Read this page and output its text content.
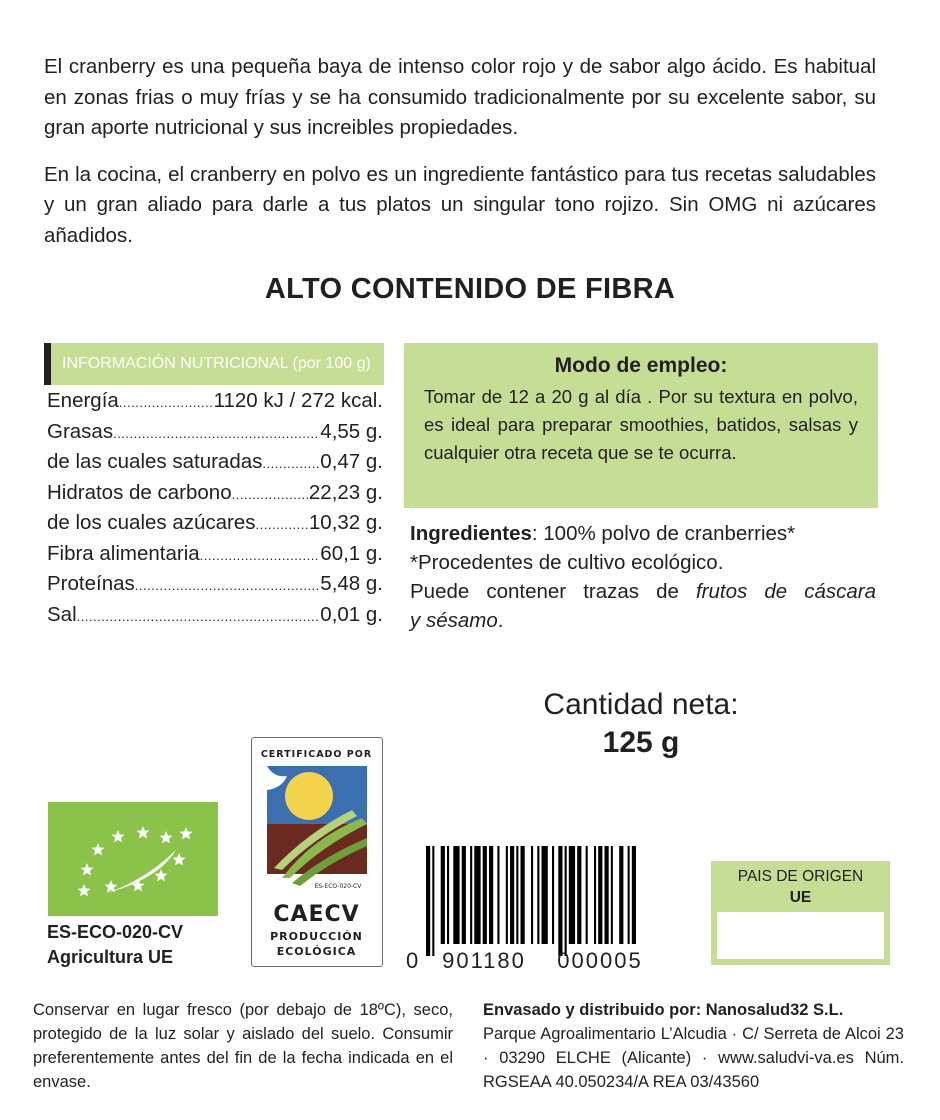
El cranberry es una pequeña baya de intenso color rojo y de sabor algo ácido. Es habitual en zonas frias o muy frías y se ha consumido tradicionalmente por su excelente sabor, su gran aporte nutricional y sus increibles propiedades.

En la cocina, el cranberry en polvo es un ingrediente fantástico para tus recetas saludables y un gran aliado para darle a tus platos un singular tono rojizo. Sin OMG ni azúcares añadidos.

ALTO CONTENIDO DE FIBRA
INFORMACIÓN NUTRICIONAL (por 100 g)
Energía .....	1120 kJ / 272 kcal.
Grasas .....	4,55 g.
de las cuales saturadas .....	0,47 g.
Hidratos de carbono .....	22,23 g.
de los cuales azúcares .....	10,32 g.
Fibra alimentaria .....	60,1 g.
Proteínas .....	5,48 g.
Sal .....	0,01 g.
Modo de empleo:
Tomar de 12 a 20 g al día . Por su textura en polvo, es ideal para preparar smoothies, batidos, salsas y cualquier otra receta que se te ocurra.

Ingredientes: 100% polvo de cranberries*

*Procedentes de cultivo ecológico.

Puede contener trazas de frutos de cáscara

y sésamo.

Cantidad neta:
125 g
ES-ECO-020-CV
Agricultura UE
CERTIFICADO POR
ES-ECO-020-CV
CAECV
PRODUCCIÓN
ECOLÓGICA 0 901180 000005
PAIS DE ORIGEN
UE
Conservar en lugar fresco (por debajo de 18ºC), seco, protegido de la luz solar y aislado del suelo. Consumir preferentemente antes del fin de la fecha indicada en el envase.
Envasado y distribuido por: Nanosalud32 S.L.
Parque Agroalimentario L’Alcudia · C/ Serreta de Alcoi 23 · 03290 ELCHE (Alicante) · www.saludvi-va.es Núm. RGSEAA 40.050234/A REA 03/43560
